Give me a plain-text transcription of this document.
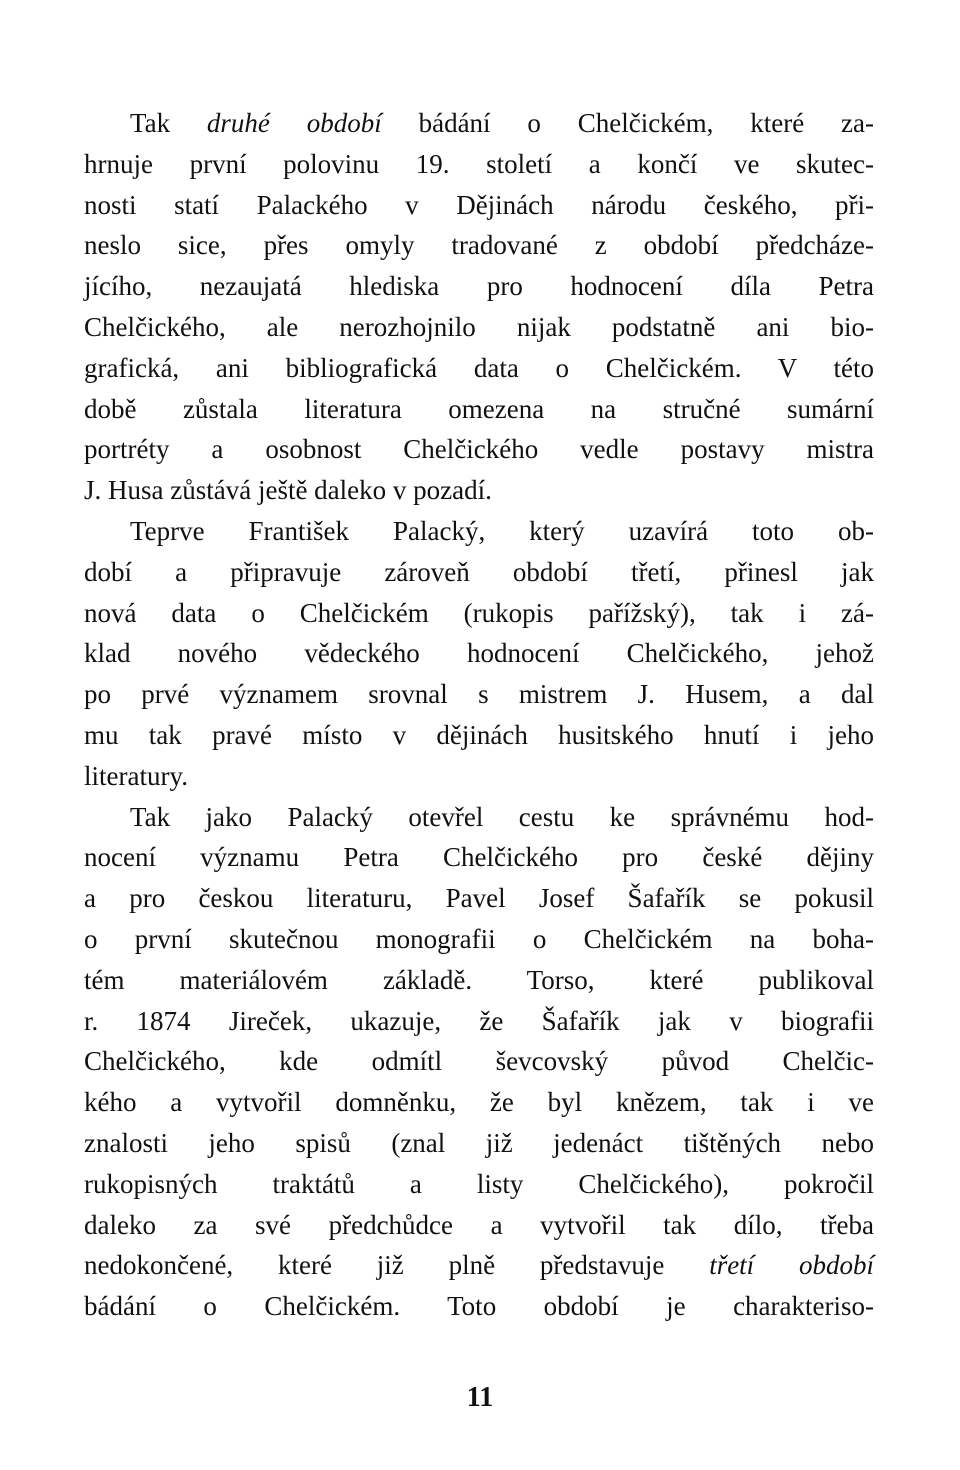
Tak druhé období bádání o Chelčickém, které za-
hrnuje první polovinu 19. století a končí ve skutec-
nosti statí Palackého v Dějinách národu českého, při-
neslo sice, přes omyly tradované z období předcháze-
jícího, nezaujatá hlediska pro hodnocení díla Petra
Chelčického, ale nerozhojnilo nijak podstatně ani bio-
grafická, ani bibliografická data o Chelčickém. V této
době zůstala literatura omezena na stručné sumární
portréty a osobnost Chelčického vedle postavy mistra
J. Husa zůstává ještě daleko v pozadí.
Teprve František Palacký, který uzavírá toto ob-
dobí a připravuje zároveň období třetí, přinesl jak
nová data o Chelčickém (rukopis pařížský), tak i zá-
klad nového vědeckého hodnocení Chelčického, jehož
po prvé významem srovnal s mistrem J. Husem, a dal
mu tak pravé místo v dějinách husitského hnutí i jeho
literatury.
Tak jako Palacký otevřel cestu ke správnému hod-
nocení významu Petra Chelčického pro české dějiny
a pro českou literaturu, Pavel Josef Šafařík se pokusil
o první skutečnou monografii o Chelčickém na boha-
tém materiálovém základě. Torso, které publikoval
r. 1874 Jireček, ukazuje, že Šafařík jak v biografii
Chelčického, kde odmítl ševcovský původ Chelčic-
kého a vytvořil domněnku, že byl knězem, tak i ve
znalosti jeho spisů (znal již jedenáct tištěných nebo
rukopisných traktátů a listy Chelčického), pokročil
daleko za své předchůdce a vytvořil tak dílo, třeba
nedokončené, které již plně představuje třetí období
bádání o Chelčickém. Toto období je charakteriso-
11
